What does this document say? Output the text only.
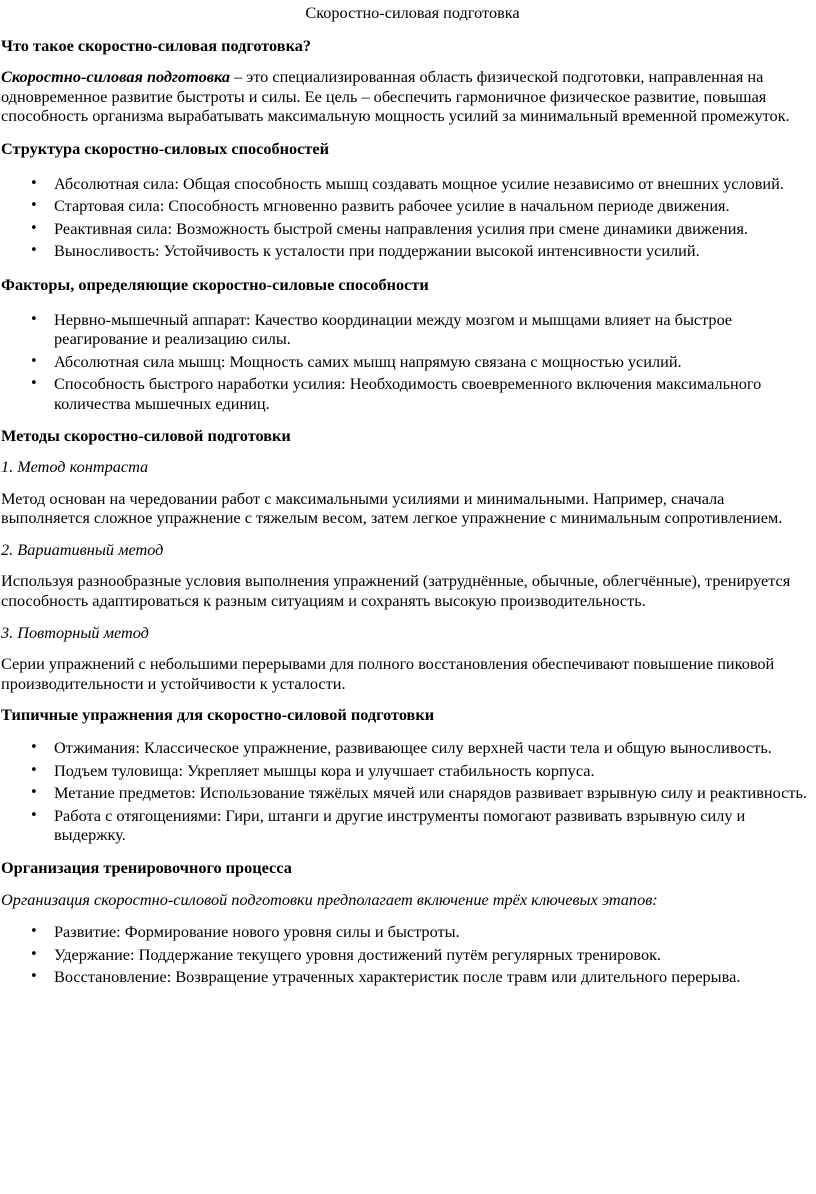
Скоростно-силовая подготовка

Что такое скоростно-силовая подготовка?

Скоростно-силовая подготовка – это специализированная область физической подготовки, направленная на одновременное развитие быстроты и силы. Ее цель – обеспечить гармоничное физическое развитие, повышая способность организма вырабатывать максимальную мощность усилий за минимальный временной промежуток.

Структура скоростно-силовых способностей
• Абсолютная сила: Общая способность мышц создавать мощное усилие независимо от внешних условий.
• Стартовая сила: Способность мгновенно развить рабочее усилие в начальном периоде движения.
• Реактивная сила: Возможность быстрой смены направления усилия при смене динамики движения.
• Выносливость: Устойчивость к усталости при поддержании высокой интенсивности усилий.
Факторы, определяющие скоростно-силовые способности
• Нервно-мышечный аппарат: Качество координации между мозгом и мышцами влияет на быстрое реагирование и реализацию силы.
• Абсолютная сила мышц: Мощность самих мышц напрямую связана с мощностью усилий.
• Способность быстрого наработки усилия: Необходимость своевременного включения максимального количества мышечных единиц.
Методы скоростно-силовой подготовки

1. Метод контраста

Метод основан на чередовании работ с максимальными усилиями и минимальными. Например, сначала выполняется сложное упражнение с тяжелым весом, затем легкое упражнение с минимальным сопротивлением.

2. Вариативный метод

Используя разнообразные условия выполнения упражнений (затруднённые, обычные, облегчённые), тренируется способность адаптироваться к разным ситуациям и сохранять высокую производительность.

3. Повторный метод

Серии упражнений с небольшими перерывами для полного восстановления обеспечивают повышение пиковой производительности и устойчивости к усталости.

Типичные упражнения для скоростно-силовой подготовки
• Отжимания: Классическое упражнение, развивающее силу верхней части тела и общую выносливость.
• Подъем туловища: Укрепляет мышцы кора и улучшает стабильность корпуса.
• Метание предметов: Использование тяжёлых мячей или снарядов развивает взрывную силу и реактивность.
• Работа с отягощениями: Гири, штанги и другие инструменты помогают развивать взрывную силу и выдержку.
Организация тренировочного процесса

Организация скоростно-силовой подготовки предполагает включение трёх ключевых этапов:

• Развитие: Формирование нового уровня силы и быстроты.
• Удержание: Поддержание текущего уровня достижений путём регулярных тренировок.
• Восстановление: Возвращение утраченных характеристик после травм или длительного перерыва.
